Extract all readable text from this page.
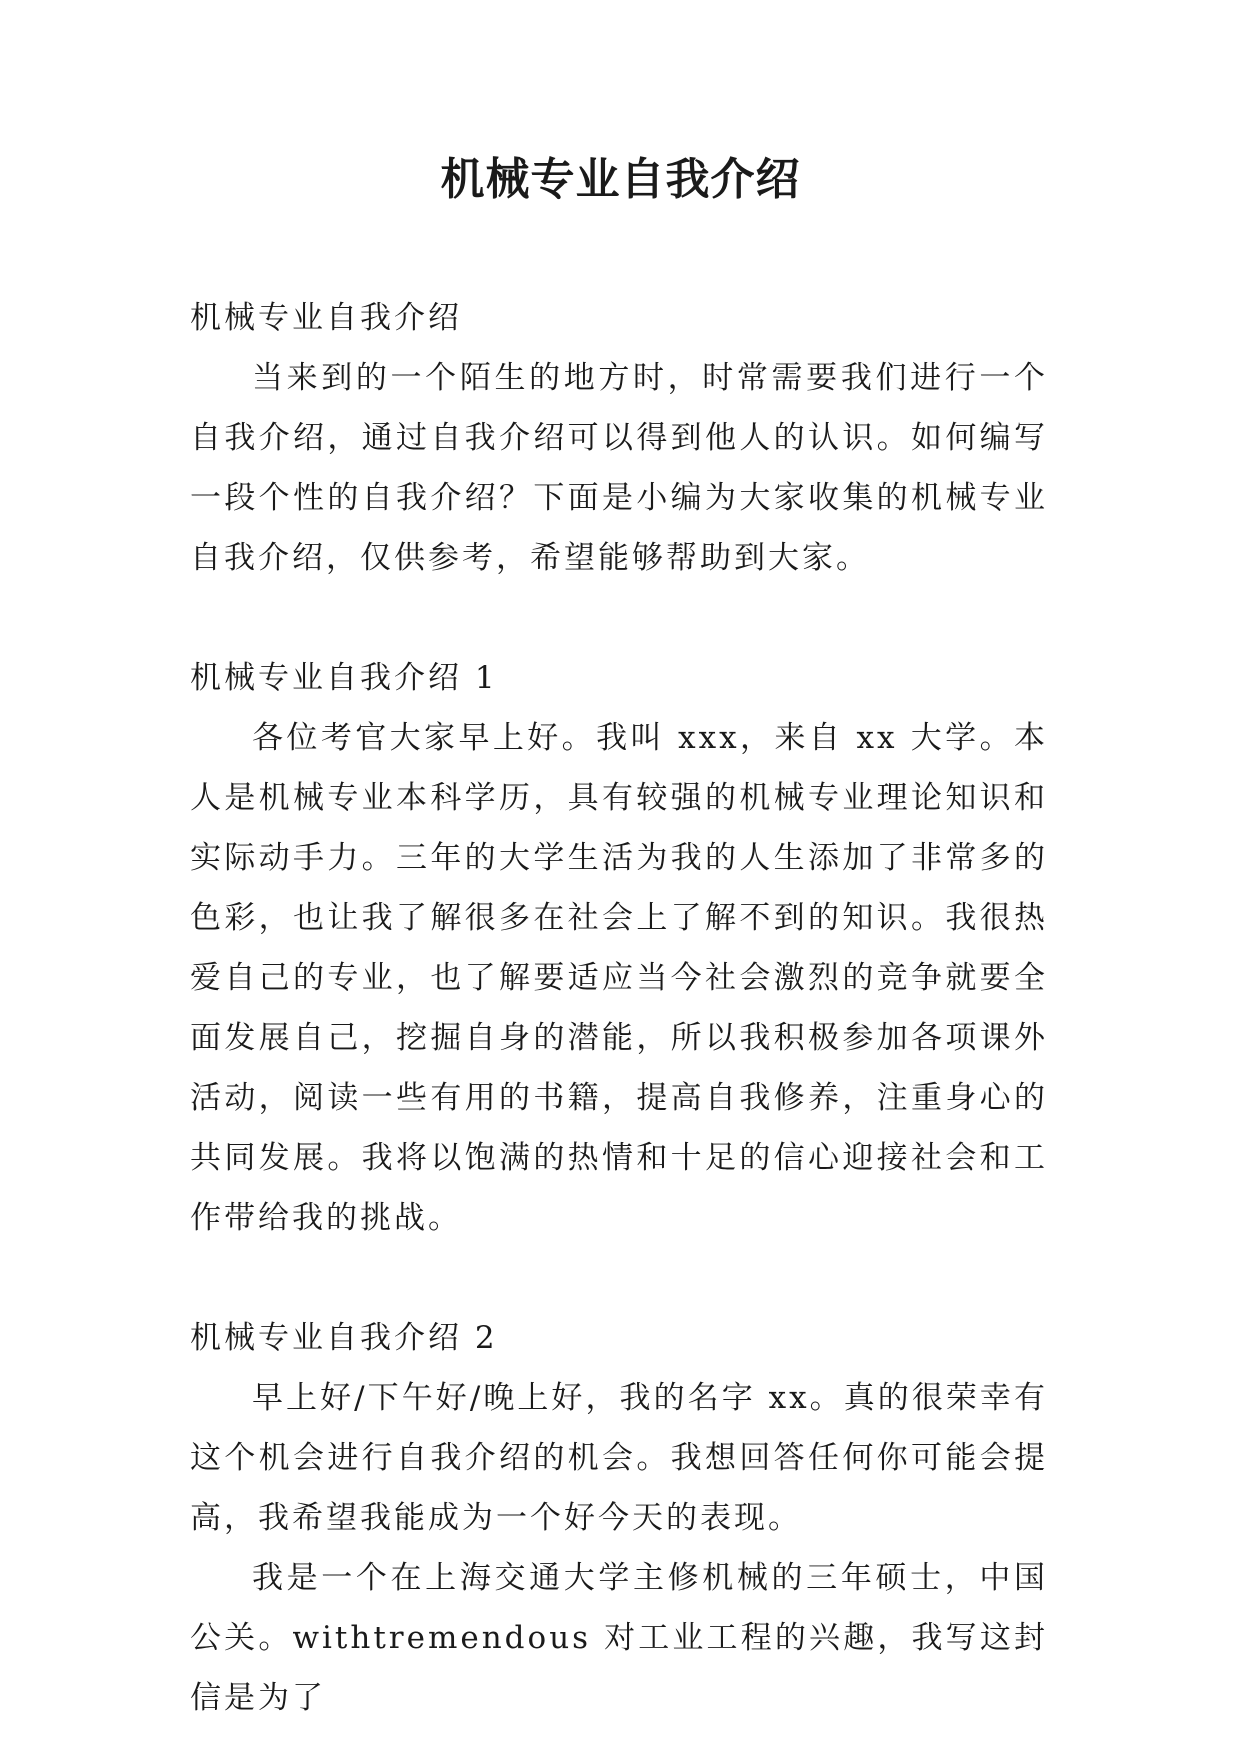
机械专业自我介绍
机械专业自我介绍

当来到的一个陌生的地方时，时常需要我们进行一个自我介绍，通过自我介绍可以得到他人的认识。如何编写一段个性的自我介绍？下面是小编为大家收集的机械专业自我介绍，仅供参考，希望能够帮助到大家。

机械专业自我介绍 1

各位考官大家早上好。我叫 xxx，来自 xx 大学。本人是机械专业本科学历，具有较强的机械专业理论知识和实际动手力。三年的大学生活为我的人生添加了非常多的色彩，也让我了解很多在社会上了解不到的知识。我很热爱自己的专业，也了解要适应当今社会激烈的竞争就要全面发展自己，挖掘自身的潜能，所以我积极参加各项课外活动，阅读一些有用的书籍，提高自我修养，注重身心的共同发展。我将以饱满的热情和十足的信心迎接社会和工作带给我的挑战。

机械专业自我介绍 2

早上好/下午好/晚上好，我的名字 xx。真的很荣幸有这个机会进行自我介绍的机会。我想回答任何你可能会提高，我希望我能成为一个好今天的表现。

我是一个在上海交通大学主修机械的三年硕士，中国公关。withtremendous 对工业工程的兴趣，我写这封信是为了
